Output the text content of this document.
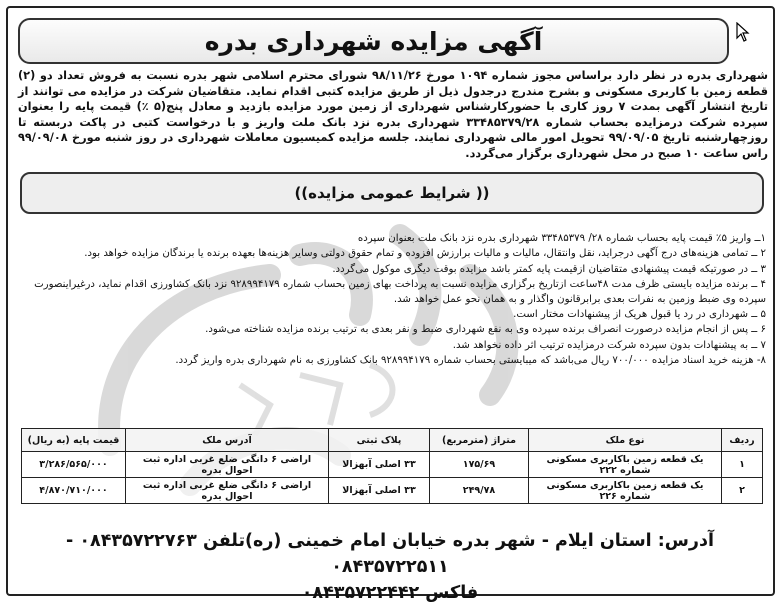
آگهی مزایده شهرداری بدره

شهرداری بدره در نظر دارد براساس مجوز شماره ۱۰۹۴ مورخ ۹۸/۱۱/۲۶ شورای محترم اسلامی شهر بدره نسبت به فروش تعداد دو (۲) قطعه زمین با کاربری مسکونی و بشرح مندرج درجدول ذیل از طریق مزایده کتبی اقدام نماید. متقاضیان شرکت در مزایده می توانند از تاریخ انتشار آگهی بمدت ۷ روز کاری با حضورکارشناس شهرداری از زمین مورد مزایده بازدید و معادل پنج(۵ ٪) قیمت پایه را بعنوان سپرده شرکت درمزایده بحساب شماره ۳۳۴۸۵۳۷۹/۲۸ شهرداری بدره نزد بانک ملت واریز و با درخواست کتبی در پاکت دربسته تا روزچهارشنبه تاریخ ۹۹/۰۹/۰۵ تحویل امور مالی شهرداری نمایند. جلسه مزایده کمیسیون معاملات شهرداری در روز شنبه مورخ ۹۹/۰۹/۰۸ راس ساعت ۱۰ صبح در محل شهرداری برگزار می‌گردد.

(( شرایط عمومی مزایده))

۱ــ واریز ۵٪ قیمت پایه بحساب شماره ۲۸/ ۳۳۴۸۵۳۷۹ شهرداری بدره نزد بانک ملت بعنوان سپرده

۲ ــ تمامی هزینه‌های درج آگهی درجراید، نقل وانتقال، مالیات و مالیات برارزش افزوده و تمام حقوق دولتی وسایر هزینه‌ها بعهده برنده یا برندگان مزایده خواهد بود.

۳ ــ در صورتیکه قیمت پیشنهادی متقاضیان ازقیمت پایه کمتر باشد مزایده بوقت دیگری موکول می‌گردد.

۴ ــ برنده مزایده بایستی ظرف مدت ۴۸ساعت ازتاریخ برگزاری مزایده نسبت به پرداخت بهای زمین بحساب شماره ۹۲۸۹۹۴۱۷۹ نزد بانک کشاورزی اقدام نماید، درغیراینصورت سپرده وی ضبط وزمین به نفرات بعدی برابرقانون واگذار و به همان نحو عمل خواهد شد.

۵ ــ شهرداری در رد یا قبول هریک از پیشنهادات مختار است.

۶ ــ پس از انجام مزایده درصورت انصراف برنده سپرده وی به نفع شهرداری ضبط و نفر بعدی به ترتیب برنده مزایده شناخته می‌شود.

۷ ــ به پیشنهادات بدون سپرده شرکت درمزایده ترتیب اثر داده نخواهد شد.

۸- هزینه خرید اسناد مزایده ۷۰۰/۰۰۰ ریال می‌باشد که میبایستی بحساب شماره ۹۲۸۹۹۴۱۷۹ بانک کشاورزی به نام شهرداری بدره واریز گردد.

ردیف	نوع ملک	متراژ (مترمربع)	پلاک ثبتی	آدرس ملک	قیمت پایه (به ریال)
۱	یک قطعه زمین باکاربری مسکونی شماره ۲۲۲	۱۷۵/۶۹	۳۳ اصلی آبهزالا	اراضی ۶ دانگی ضلع غربی اداره ثبت احوال بدره	۳/۲۸۶/۵۶۵/۰۰۰
۲	یک قطعه زمین باکاربری مسکونی شماره ۲۲۶	۲۴۹/۷۸	۳۳ اصلی آبهزالا	اراضی ۶ دانگی ضلع غربی اداره ثبت احوال بدره	۴/۸۷۰/۷۱۰/۰۰۰
آدرس: استان ایلام - شهر بدره خیابان امام خمینی (ره)تلفن ۰۸۴۳۵۷۲۲۷۶۳ - ۰۸۴۳۵۷۲۲۵۱۱
فاکس ۰۸۴۳۵۷۲۲۴۴۲
